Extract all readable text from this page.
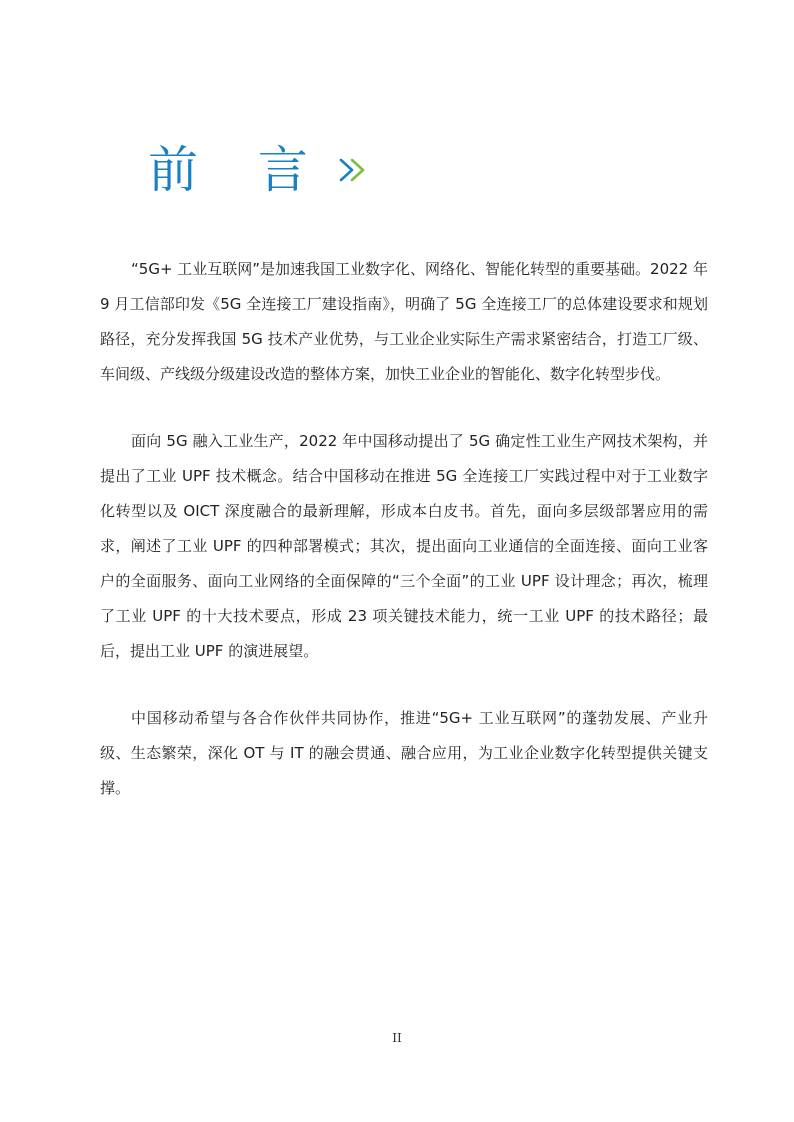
前 言

“5G+ 工业互联网”是加速我国工业数字化、网络化、智能化转型的重要基础。2022 年 9 月工信部印发《5G 全连接工厂建设指南》，明确了 5G 全连接工厂的总体建设要求和规划路径，充分发挥我国 5G 技术产业优势，与工业企业实际生产需求紧密结合，打造工厂级、车间级、产线级分级建设改造的整体方案，加快工业企业的智能化、数字化转型步伐。

面向 5G 融入工业生产，2022 年中国移动提出了 5G 确定性工业生产网技术架构，并提出了工业 UPF 技术概念。结合中国移动在推进 5G 全连接工厂实践过程中对于工业数字化转型以及 OICT 深度融合的最新理解，形成本白皮书。首先，面向多层级部署应用的需求，阐述了工业 UPF 的四种部署模式；其次，提出面向工业通信的全面连接、面向工业客户的全面服务、面向工业网络的全面保障的“三个全面”的工业 UPF 设计理念；再次，梳理了工业 UPF 的十大技术要点，形成 23 项关键技术能力，统一工业 UPF 的技术路径；最后，提出工业 UPF 的演进展望。

中国移动希望与各合作伙伴共同协作，推进“5G+ 工业互联网”的蓬勃发展、产业升级、生态繁荣，深化 OT 与 IT 的融会贯通、融合应用，为工业企业数字化转型提供关键支撑。

II
